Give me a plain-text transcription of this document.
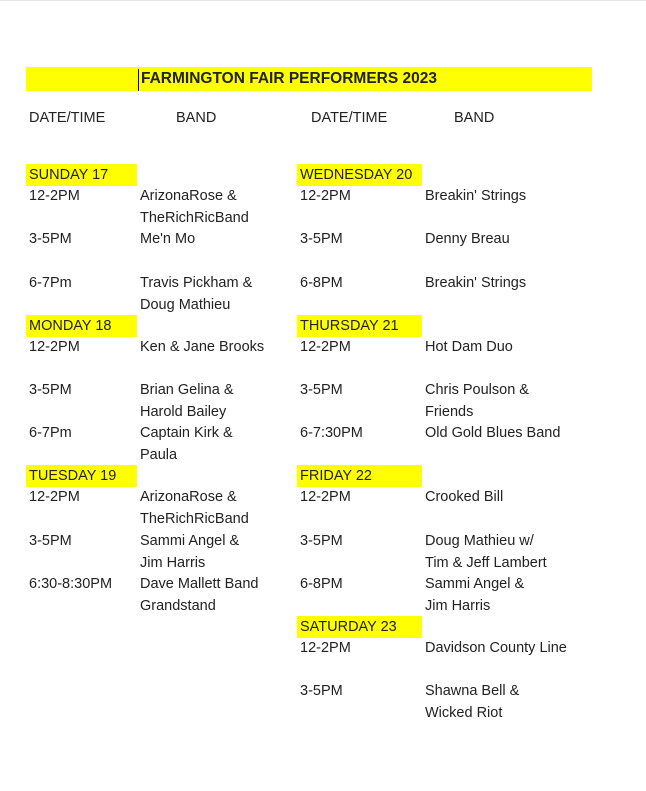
FARMINGTON FAIR PERFORMERS 2023
DATE/TIME	BAND	DATE/TIME	BAND
SUNDAY 17
12-2PM	ArizonaRose &
TheRichRicBand
3-5PM	Me'n Mo
6-7Pm	Travis Pickham &
Doug Mathieu
MONDAY 18
12-2PM	Ken & Jane Brooks
3-5PM	Brian Gelina &
Harold Bailey
6-7Pm	Captain Kirk &
Paula
TUESDAY 19
12-2PM	ArizonaRose &
TheRichRicBand
3-5PM	Sammi Angel &
Jim Harris
6:30-8:30PM Dave Mallett Band
Grandstand
WEDNESDAY 20
12-2PM	Breakin' Strings
3-5PM	Denny Breau
6-8PM	Breakin' Strings
THURSDAY 21
12-2PM	Hot Dam Duo
3-5PM	Chris Poulson &
Friends
6-7:30PM	Old Gold Blues Band
FRIDAY 22
12-2PM	Crooked Bill
3-5PM	Doug Mathieu w/
Tim & Jeff Lambert
6-8PM	Sammi Angel &
Jim Harris
SATURDAY 23
12-2PM	Davidson County Line
3-5PM	Shawna Bell &
Wicked Riot
